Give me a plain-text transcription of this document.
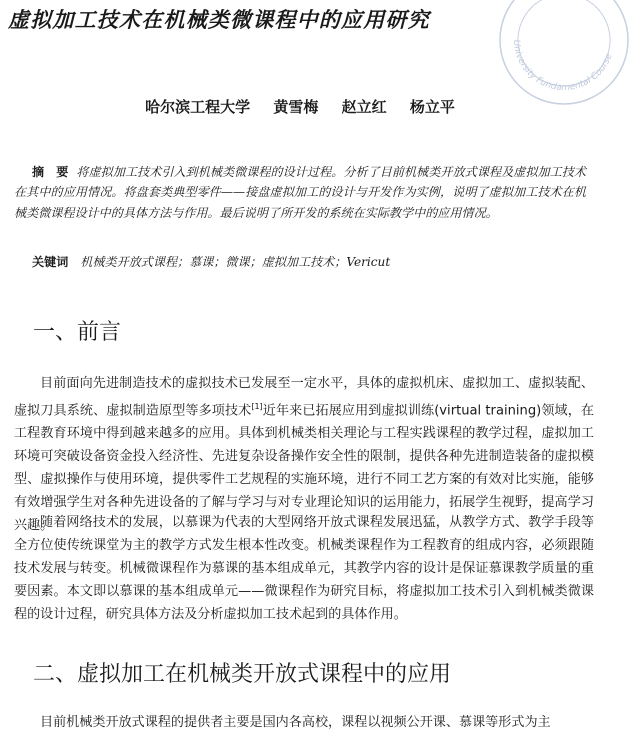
University Fundamental Course
虚拟加工技术在机械类微课程中的应用研究
哈尔滨工程大学 黄雪梅 赵立红 杨立平
摘　要 将虚拟加工技术引入到机械类微课程的设计过程。分析了目前机械类开放式课程及虚拟加工技术在其中的应用情况。将盘套类典型零件——接盘虚拟加工的设计与开发作为实例，说明了虚拟加工技术在机械类微课程设计中的具体方法与作用。最后说明了所开发的系统在实际教学中的应用情况。
关键词 机械类开放式课程；慕课；微课；虚拟加工技术；Vericut
一、前言
目前面向先进制造技术的虚拟技术已发展至一定水平，具体的虚拟机床、虚拟加工、虚拟装配、虚拟刀具系统、虚拟制造原型等多项技术[1]近年来已拓展应用到虚拟训练(virtual training)领域，在工程教育环境中得到越来越多的应用。具体到机械类相关理论与工程实践课程的教学过程，虚拟加工环境可突破设备资金投入经济性、先进复杂设备操作安全性的限制，提供各种先进制造装备的虚拟模型、虚拟操作与使用环境，提供零件工艺规程的实施环境，进行不同工艺方案的有效对比实施，能够有效增强学生对各种先进设备的了解与学习与对专业理论知识的运用能力，拓展学生视野，提高学习兴趣。
随着网络技术的发展，以慕课为代表的大型网络开放式课程发展迅猛，从教学方式、教学手段等全方位使传统课堂为主的教学方式发生根本性改变。机械类课程作为工程教育的组成内容，必须跟随技术发展与转变。机械微课程作为慕课的基本组成单元，其教学内容的设计是保证慕课教学质量的重要因素。本文即以慕课的基本组成单元——微课程作为研究目标，将虚拟加工技术引入到机械类微课程的设计过程，研究具体方法及分析虚拟加工技术起到的具体作用。
二、虚拟加工在机械类开放式课程中的应用
目前机械类开放式课程的提供者主要是国内各高校，课程以视频公开课、慕课等形式为主
